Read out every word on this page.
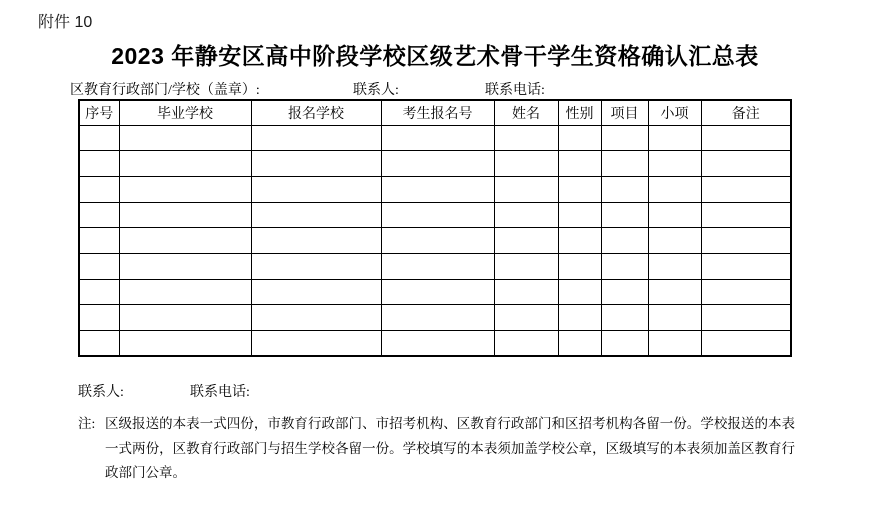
附件 10
2023 年静安区高中阶段学校区级艺术骨干学生资格确认汇总表
区教育行政部门/学校（盖章）:	联系人:	联系电话:
序号	毕业学校	报名学校	考生报名号	姓名	性别	项目	小项	备注

联系人:	联系电话:
注: 区级报送的本表一式四份，市教育行政部门、市招考机构、区教育行政部门和区招考机构各留一份。学校报送的本表一式两份，区教育行政部门与招生学校各留一份。学校填写的本表须加盖学校公章，区级填写的本表须加盖区教育行政部门公章。
